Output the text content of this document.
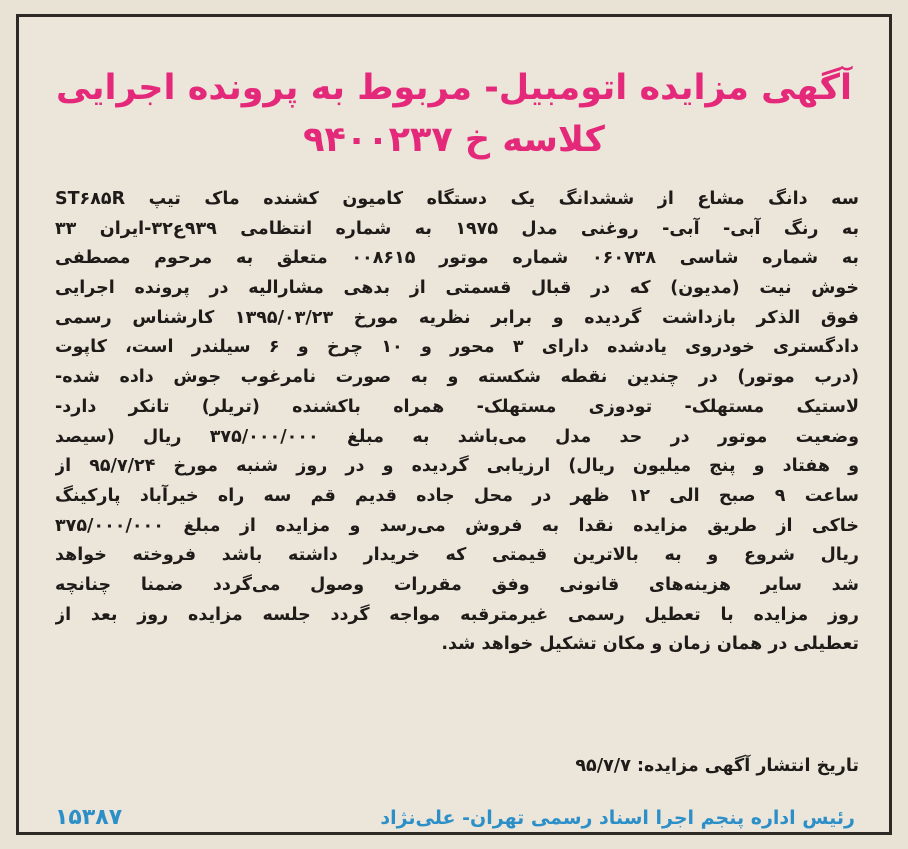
آگهی مزایده اتومبیل- مربوط به پرونده اجرایی
کلاسه خ ۹۴۰۰۲۳۷
سه دانگ مشاع از ششدانگ یک دستگاه کامیون کشنده ماک تیپ ST۶۸۵R
به رنگ آبی- آبی- روغنی مدل ۱۹۷۵ به شماره انتظامی ۹۳۹ع۳۲-ایران ۳۳
به شماره شاسی ۰۶۰۷۳۸ شماره موتور ۰۰۸۶۱۵ متعلق به مرحوم مصطفی
خوش نیت (مدیون) که در قبال قسمتی از بدهی مشارالیه در پرونده اجرایی
فوق الذکر بازداشت گردیده و برابر نظریه مورخ ۱۳۹۵/۰۳/۲۳ کارشناس رسمی
دادگستری خودروی یادشده دارای ۳ محور و ۱۰ چرخ و ۶ سیلندر است، کاپوت
(درب موتور) در چندین نقطه شکسته و به صورت نامرغوب جوش داده شده-
لاستیک مستهلک- تودوزی مستهلک- همراه باکشنده (تریلر) تانکر دارد-
وضعیت موتور در حد مدل می‌باشد به مبلغ ۳۷۵/۰۰۰/۰۰۰ ریال (سیصد
و هفتاد و پنج میلیون ریال) ارزیابی گردیده و در روز شنبه مورخ ۹۵/۷/۲۴ از
ساعت ۹ صبح الی ۱۲ ظهر در محل جاده قدیم قم سه راه خیرآباد پارکینگ
خاکی از طریق مزایده نقدا به فروش می‌رسد و مزایده از مبلغ ۳۷۵/۰۰۰/۰۰۰
ریال شروع و به بالاترین قیمتی که خریدار داشته باشد فروخته خواهد
شد سایر هزینه‌های قانونی وفق مقررات وصول می‌گردد ضمنا چنانچه
روز مزایده با تعطیل رسمی غیرمترقبه مواجه گردد جلسه مزایده روز بعد از
تعطیلی در همان زمان و مکان تشکیل خواهد شد.
تاریخ انتشار آگهی مزایده: ۹۵/۷/۷
رئیس اداره پنجم اجرا اسناد رسمی تهران- علی‌نژاد
۱۵۳۸۷
